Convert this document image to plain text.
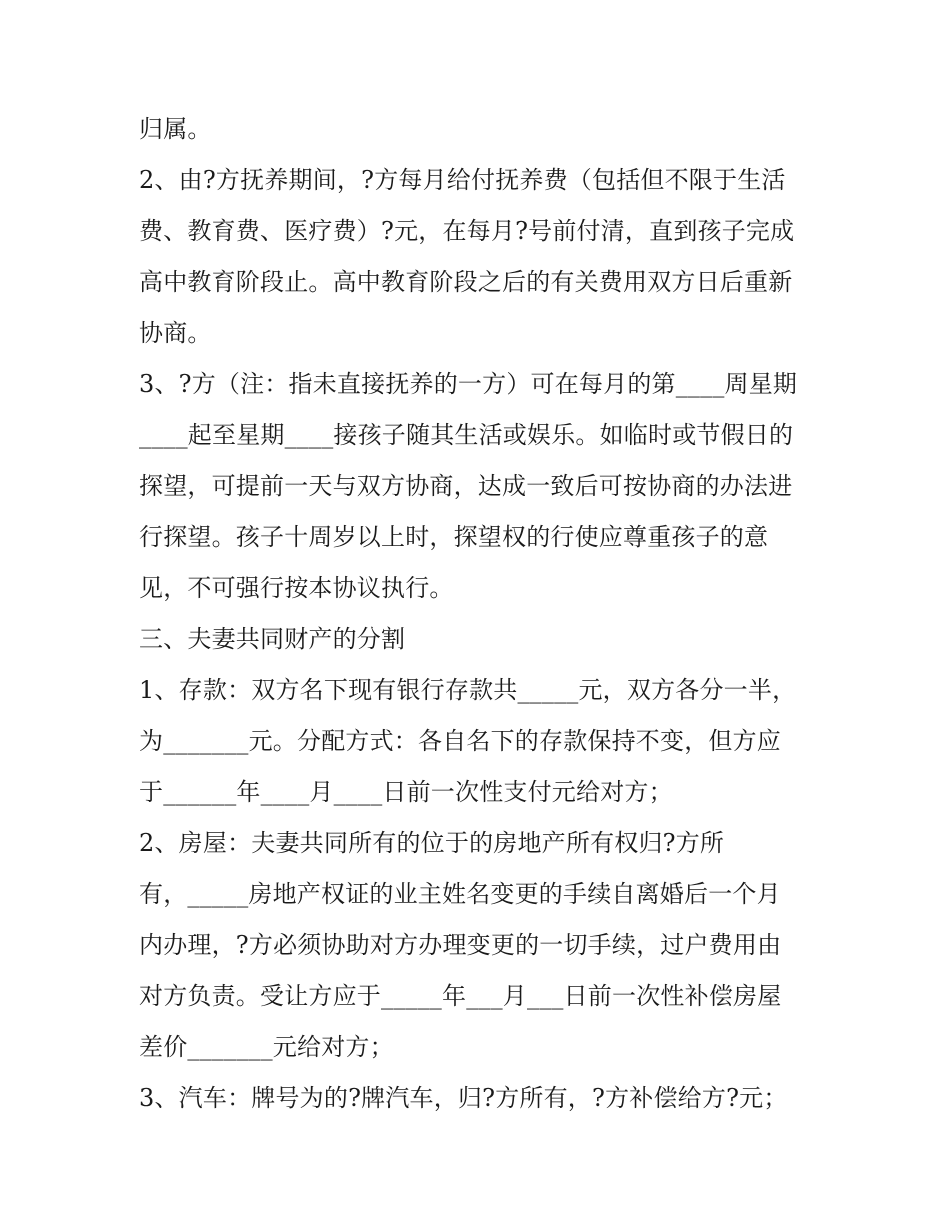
归属。
2、由?方抚养期间，?方每月给付抚养费（包括但不限于生活
费、教育费、医疗费）?元，在每月?号前付清，直到孩子完成
高中教育阶段止。高中教育阶段之后的有关费用双方日后重新
协商。
3、?方（注：指未直接抚养的一方）可在每月的第____周星期
____起至星期____接孩子随其生活或娱乐。如临时或节假日的
探望，可提前一天与双方协商，达成一致后可按协商的办法进
行探望。孩子十周岁以上时，探望权的行使应尊重孩子的意
见，不可强行按本协议执行。
三、夫妻共同财产的分割
1、存款：双方名下现有银行存款共_____元，双方各分一半，
为_______元。分配方式：各自名下的存款保持不变，但方应
于______年____月____日前一次性支付元给对方；
2、房屋：夫妻共同所有的位于的房地产所有权归?方所
有，_____房地产权证的业主姓名变更的手续自离婚后一个月
内办理，?方必须协助对方办理变更的一切手续，过户费用由
对方负责。受让方应于_____年___月___日前一次性补偿房屋
差价_______元给对方；
3、汽车：牌号为的?牌汽车，归?方所有，?方补偿给方?元；
